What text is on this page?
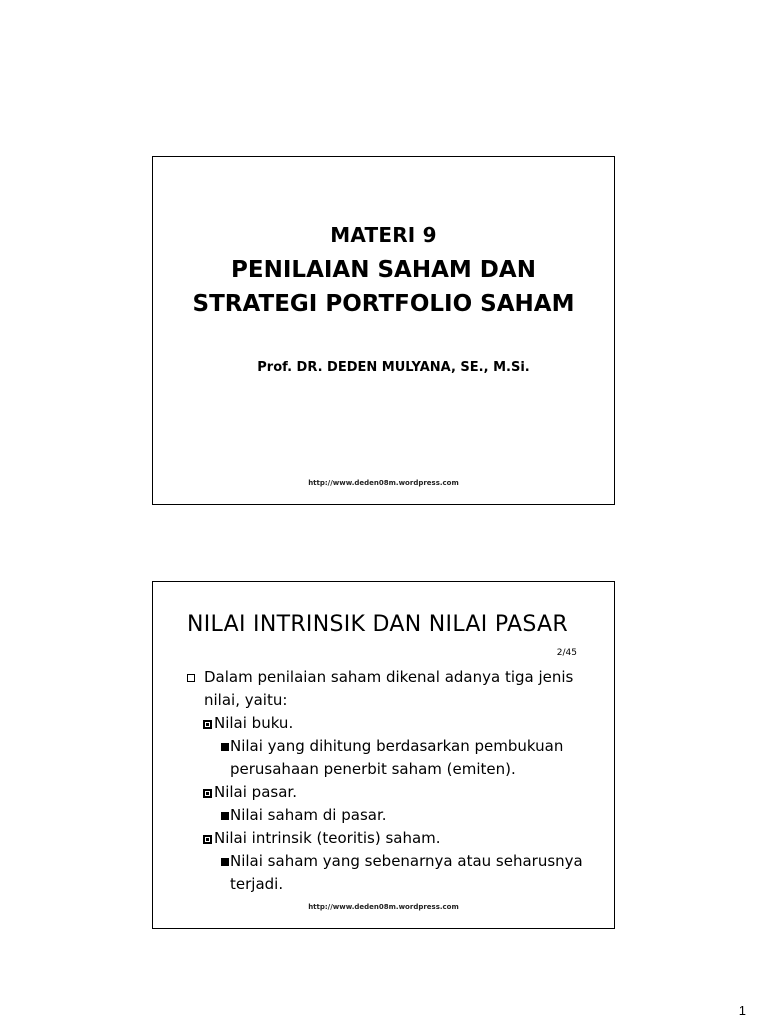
MATERI 9
PENILAIAN SAHAM DAN
STRATEGI PORTFOLIO SAHAM
Prof. DR. DEDEN MULYANA, SE., M.Si.
http://www.deden08m.wordpress.com
NILAI INTRINSIK DAN NILAI PASAR
2/45
Dalam penilaian saham dikenal adanya tiga jenis nilai, yaitu:
Nilai buku.
Nilai yang dihitung berdasarkan pembukuan perusahaan penerbit saham (emiten).
Nilai pasar.
Nilai saham di pasar.
Nilai intrinsik (teoritis) saham.
Nilai saham yang sebenarnya atau seharusnya terjadi.
http://www.deden08m.wordpress.com
1
